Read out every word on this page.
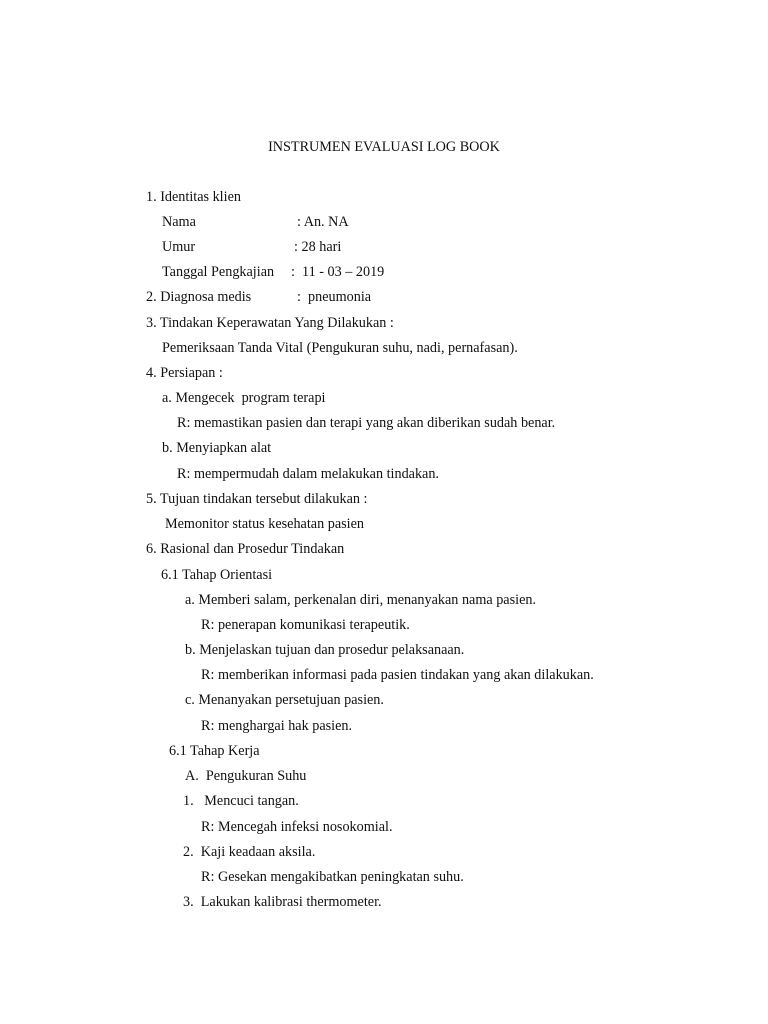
INSTRUMEN EVALUASI LOG BOOK
1. Identitas klien
Nama	: An. NA
Umur	: 28 hari
Tanggal Pengkajian :  11 - 03 – 2019
2. Diagnosa medis	:  pneumonia
3. Tindakan Keperawatan Yang Dilakukan :
Pemeriksaan Tanda Vital (Pengukuran suhu, nadi, pernafasan).
4. Persiapan :
a. Mengecek  program terapi
R: memastikan pasien dan terapi yang akan diberikan sudah benar.
b. Menyiapkan alat
R: mempermudah dalam melakukan tindakan.
5. Tujuan tindakan tersebut dilakukan :
Memonitor status kesehatan pasien
6. Rasional dan Prosedur Tindakan
6.1 Tahap Orientasi
a. Memberi salam, perkenalan diri, menanyakan nama pasien.
R: penerapan komunikasi terapeutik.
b. Menjelaskan tujuan dan prosedur pelaksanaan.
R: memberikan informasi pada pasien tindakan yang akan dilakukan.
c. Menanyakan persetujuan pasien.
R: menghargai hak pasien.
6.1 Tahap Kerja
A.  Pengukuran Suhu
1.   Mencuci tangan.
R: Mencegah infeksi nosokomial.
2.  Kaji keadaan aksila.
R: Gesekan mengakibatkan peningkatan suhu.
3.  Lakukan kalibrasi thermometer.
